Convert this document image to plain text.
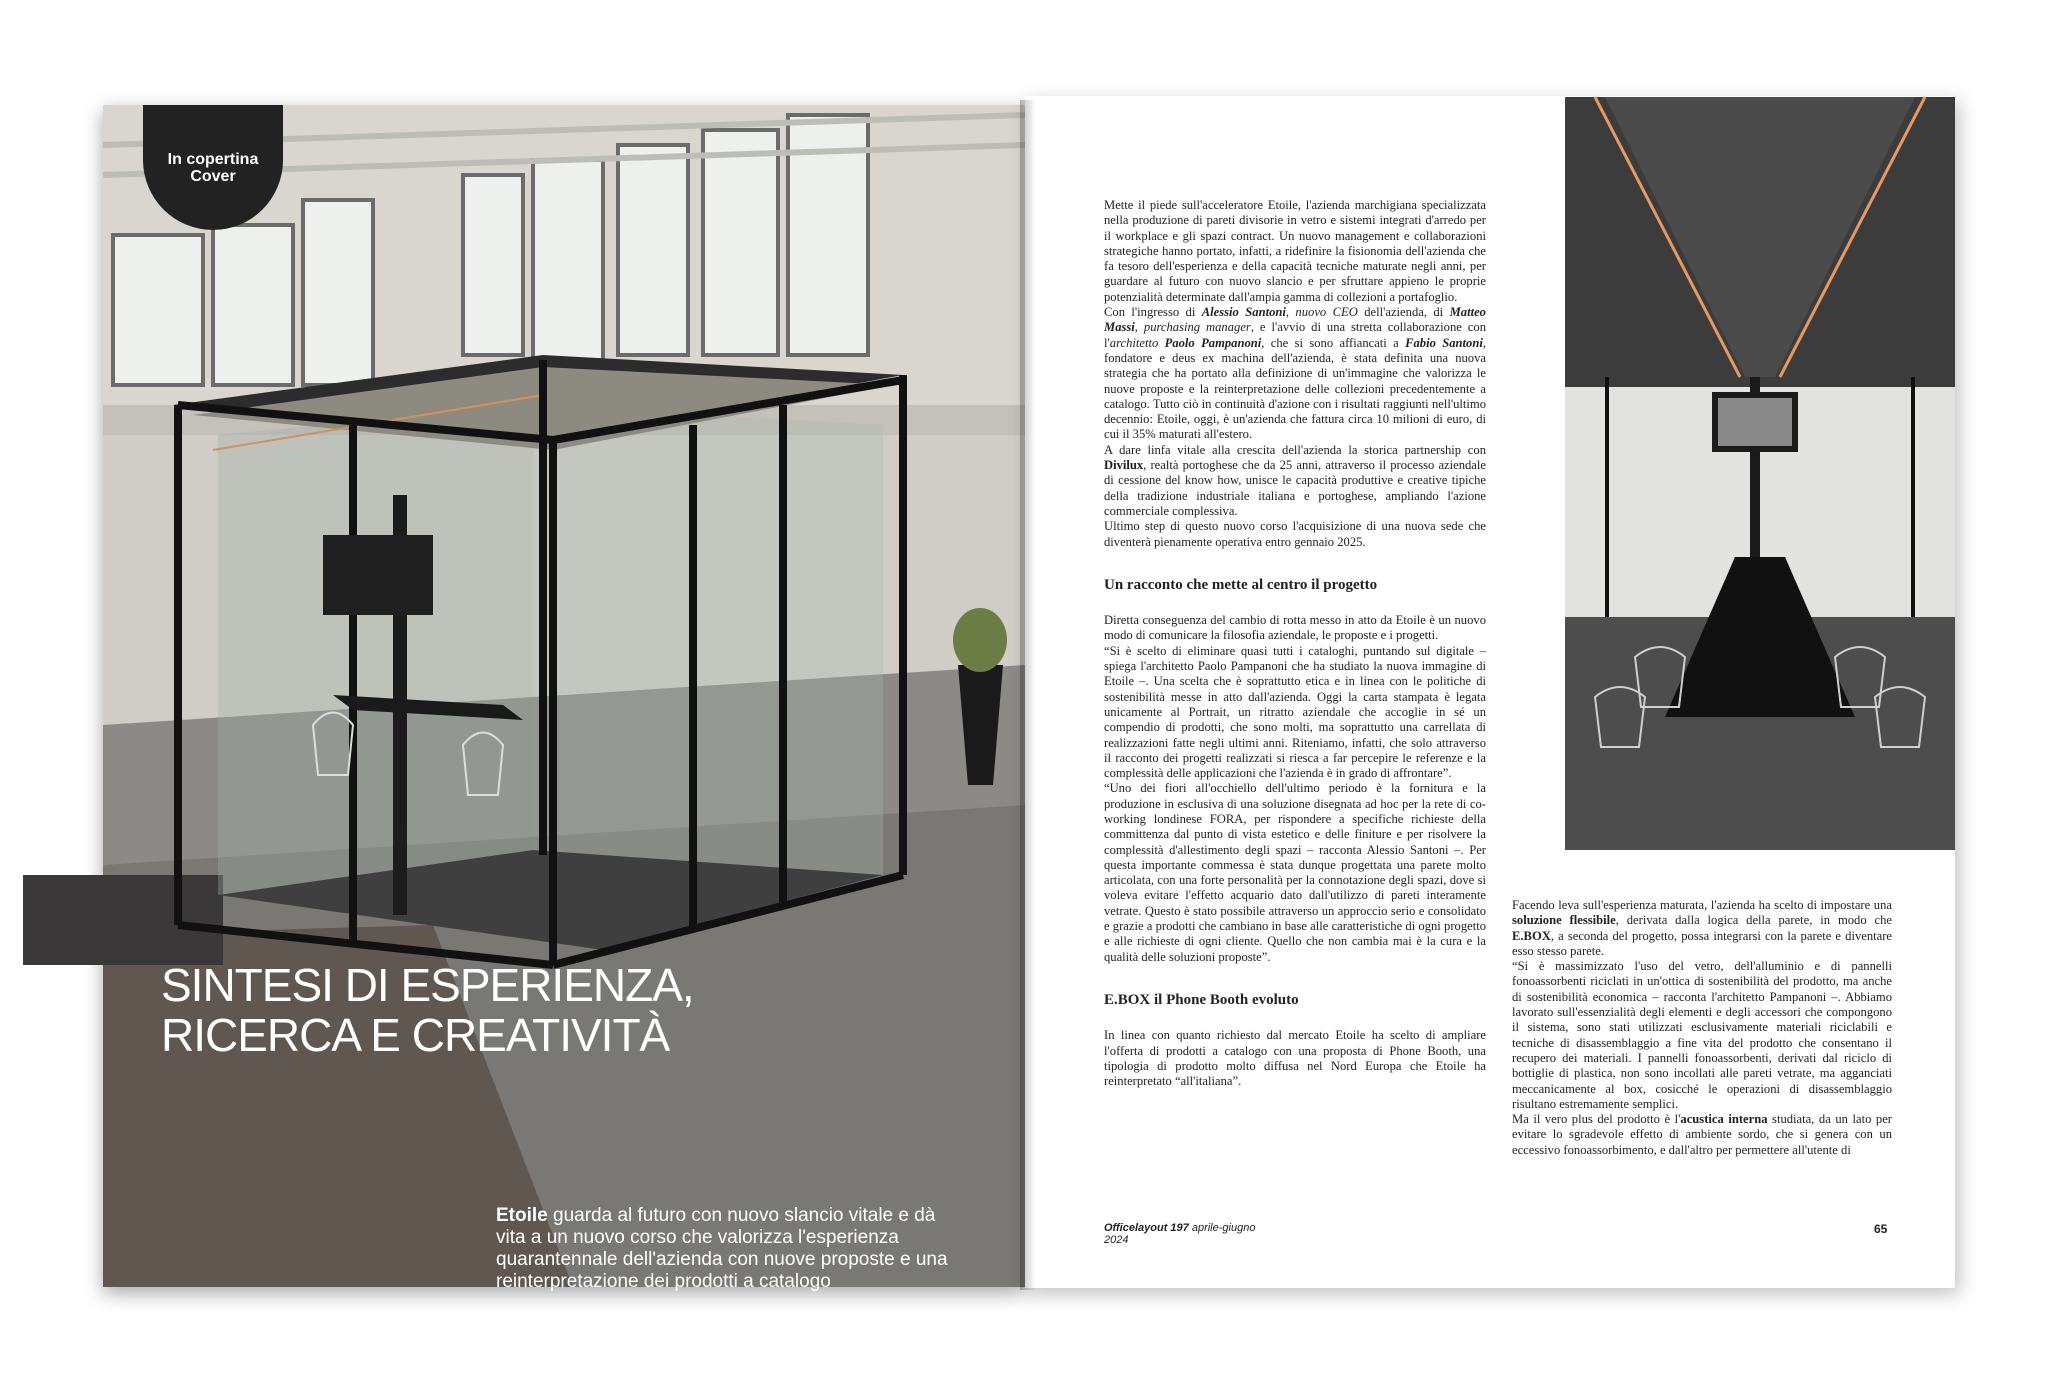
In copertina
Cover
SINTESI DI ESPERIENZA,
RICERCA E CREATIVITÀ
Etoile guarda al futuro con nuovo slancio vitale e dà vita a un nuovo corso che valorizza l'esperienza quarantennale dell'azienda con nuove proposte e una reinterpretazione dei prodotti a catalogo
64	Officelayout 197 aprile-giugno 2024

Mette il piede sull'acceleratore Etoile, l'azienda marchigiana specializzata nella produzione di pareti divisorie in vetro e sistemi integrati d'arredo per il workplace e gli spazi contract. Un nuovo management e collaborazioni strategiche hanno portato, infatti, a ridefinire la fisionomia dell'azienda che fa tesoro dell'esperienza e della capacità tecniche maturate negli anni, per guardare al futuro con nuovo slancio e per sfruttare appieno le proprie potenzialità determinate dall'ampia gamma di collezioni a portafoglio.

Con l'ingresso di Alessio Santoni, nuovo CEO dell'azienda, di Matteo Massi, purchasing manager, e l'avvio di una stretta collaborazione con l'architetto Paolo Pampanoni, che si sono affiancati a Fabio Santoni, fondatore e deus ex machina dell'azienda, è stata definita una nuova strategia che ha portato alla definizione di un'immagine che valorizza le nuove proposte e la reinterpretazione delle collezioni precedentemente a catalogo. Tutto ciò in continuità d'azione con i risultati raggiunti nell'ultimo decennio: Etoile, oggi, è un'azienda che fattura circa 10 milioni di euro, di cui il 35% maturati all'estero.

A dare linfa vitale alla crescita dell'azienda la storica partnership con Divilux, realtà portoghese che da 25 anni, attraverso il processo aziendale di cessione del know how, unisce le capacità produttive e creative tipiche della tradizione industriale italiana e portoghese, ampliando l'azione commerciale complessiva.

Ultimo step di questo nuovo corso l'acquisizione di una nuova sede che diventerà pienamente operativa entro gennaio 2025.

Un racconto che mette al centro il progetto

Diretta conseguenza del cambio di rotta messo in atto da Etoile è un nuovo modo di comunicare la filosofia aziendale, le proposte e i progetti.

“Si è scelto di eliminare quasi tutti i cataloghi, puntando sul digitale – spiega l'architetto Paolo Pampanoni che ha studiato la nuova immagine di Etoile –. Una scelta che è soprattutto etica e in linea con le politiche di sostenibilità messe in atto dall'azienda. Oggi la carta stampata è legata unicamente al Portrait, un ritratto aziendale che accoglie in sé un compendio di prodotti, che sono molti, ma soprattutto una carrellata di realizzazioni fatte negli ultimi anni. Riteniamo, infatti, che solo attraverso il racconto dei progetti realizzati si riesca a far percepire le referenze e la complessità delle applicazioni che l'azienda è in grado di affrontare”.

“Uno dei fiori all'occhiello dell'ultimo periodo è la fornitura e la produzione in esclusiva di una soluzione disegnata ad hoc per la rete di co-working londinese FORA, per rispondere a specifiche richieste della committenza dal punto di vista estetico e delle finiture e per risolvere la complessità d'allestimento degli spazi – racconta Alessio Santoni –. Per questa importante commessa è stata dunque progettata una parete molto articolata, con una forte personalità per la connotazione degli spazi, dove si voleva evitare l'effetto acquario dato dall'utilizzo di pareti interamente vetrate. Questo è stato possibile attraverso un approccio serio e consolidato e grazie a prodotti che cambiano in base alle caratteristiche di ogni progetto e alle richieste di ogni cliente. Quello che non cambia mai è la cura e la qualità delle soluzioni proposte”.

E.BOX il Phone Booth evoluto

In linea con quanto richiesto dal mercato Etoile ha scelto di ampliare l'offerta di prodotti a catalogo con una proposta di Phone Booth, una tipologia di prodotto molto diffusa nel Nord Europa che Etoile ha reinterpretato “all'italiana”.

Facendo leva sull'esperienza maturata, l'azienda ha scelto di impostare una soluzione flessibile, derivata dalla logica della parete, in modo che E.BOX, a seconda del progetto, possa integrarsi con la parete e diventare esso stesso parete.

“Si è massimizzato l'uso del vetro, dell'alluminio e di pannelli fonoassorbenti riciclati in un'ottica di sostenibilità del prodotto, ma anche di sostenibilità economica – racconta l'architetto Pampanoni –. Abbiamo lavorato sull'essenzialità degli elementi e degli accessori che compongono il sistema, sono stati utilizzati esclusivamente materiali riciclabili e tecniche di disassemblaggio a fine vita del prodotto che consentano il recupero dei materiali. I pannelli fonoassorbenti, derivati dal riciclo di bottiglie di plastica, non sono incollati alle pareti vetrate, ma agganciati meccanicamente al box, cosicché le operazioni di disassemblaggio risultano estremamente semplici.

Ma il vero plus del prodotto è l'acustica interna studiata, da un lato per evitare lo sgradevole effetto di ambiente sordo, che si genera con un eccessivo fonoassorbimento, e dall'altro per permettere all'utente di

Officelayout 197 aprile-giugno 2024
65
